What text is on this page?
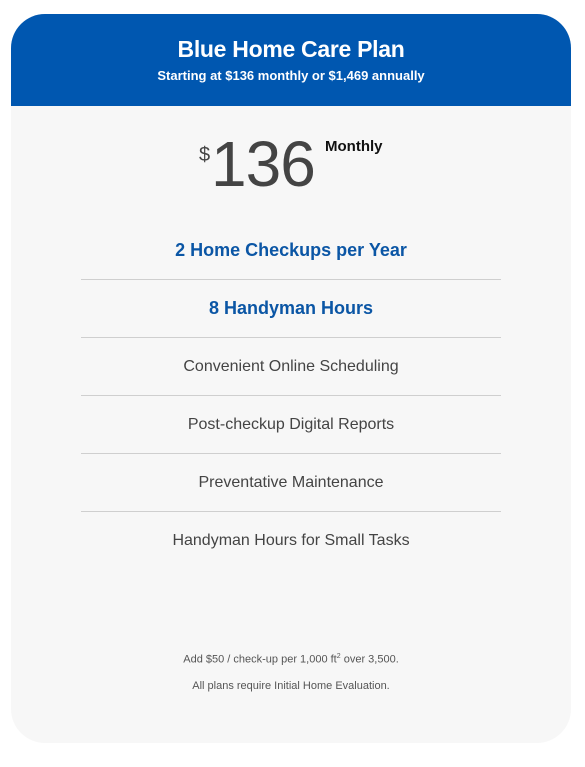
Blue Home Care Plan
Starting at $136 monthly or $1,469 annually
$ 136 Monthly
2 Home Checkups per Year
8 Handyman Hours
Convenient Online Scheduling
Post-checkup Digital Reports
Preventative Maintenance
Handyman Hours for Small Tasks

Add $50 / check-up per 1,000 $ft^2$ over 3,500.

All plans require Initial Home Evaluation.
